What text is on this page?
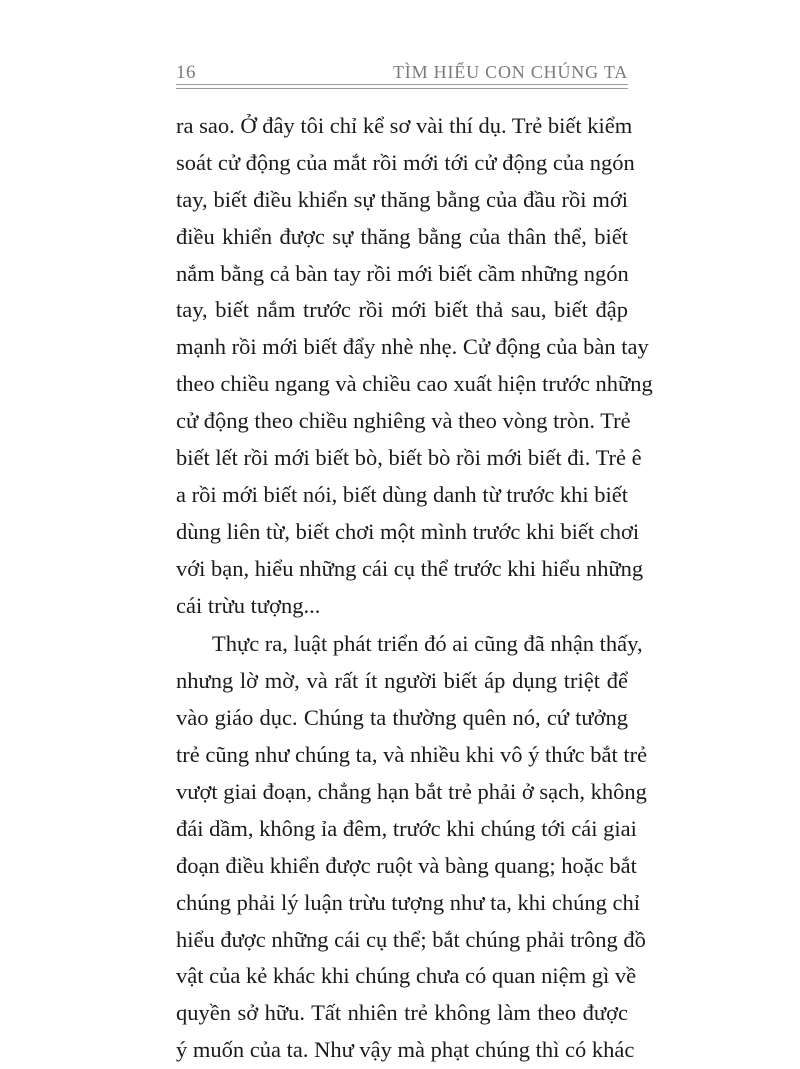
16	TÌM HIỂU CON CHÚNG TA
ra sao. Ở đây tôi chỉ kể sơ vài thí dụ. Trẻ biết kiểm
soát cử động của mắt rồi mới tới cử động của ngón
tay, biết điều khiển sự thăng bằng của đầu rồi mới
điều khiển được sự thăng bằng của thân thể, biết
nắm bằng cả bàn tay rồi mới biết cầm những ngón
tay, biết nắm trước rồi mới biết thả sau, biết đập
mạnh rồi mới biết đẩy nhè nhẹ. Cử động của bàn tay
theo chiều ngang và chiều cao xuất hiện trước những
cử động theo chiều nghiêng và theo vòng tròn. Trẻ
biết lết rồi mới biết bò, biết bò rồi mới biết đi. Trẻ ê
a rồi mới biết nói, biết dùng danh từ trước khi biết
dùng liên từ, biết chơi một mình trước khi biết chơi
với bạn, hiểu những cái cụ thể trước khi hiểu những
cái trừu tượng...
Thực ra, luật phát triển đó ai cũng đã nhận thấy,
nhưng lờ mờ, và rất ít người biết áp dụng triệt để
vào giáo dục. Chúng ta thường quên nó, cứ tưởng
trẻ cũng như chúng ta, và nhiều khi vô ý thức bắt trẻ
vượt giai đoạn, chẳng hạn bắt trẻ phải ở sạch, không
đái dầm, không ỉa đêm, trước khi chúng tới cái giai
đoạn điều khiển được ruột và bàng quang; hoặc bắt
chúng phải lý luận trừu tượng như ta, khi chúng chỉ
hiểu được những cái cụ thể; bắt chúng phải trông đồ
vật của kẻ khác khi chúng chưa có quan niệm gì về
quyền sở hữu. Tất nhiên trẻ không làm theo được
ý muốn của ta. Như vậy mà phạt chúng thì có khác
